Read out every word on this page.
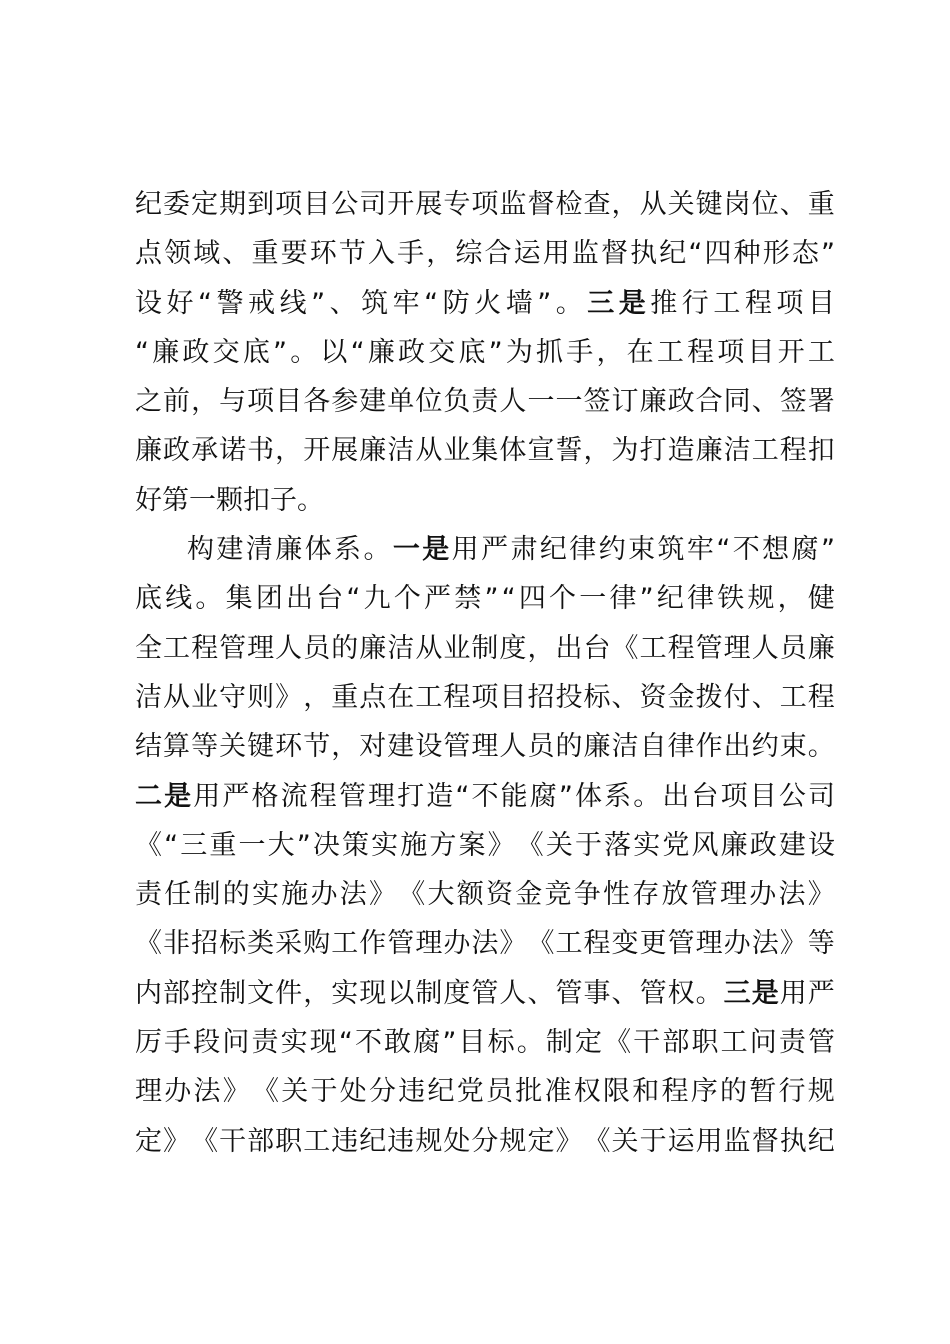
纪 委 定 期 到 项 目 公 司 开 展 专 项 监 督 检 查 ， 从 关 键 岗 位 、 重
点 领 域 、 重 要 环 节 入 手 ， 综 合 运 用 监 督 执 纪 “ 四 种 形 态 ”
设 好 “ 警 戒 线 ” 、 筑 牢 “ 防 火 墙 ” 。 三 是 推 行 工 程 项 目
“ 廉 政 交 底 ” 。 以 “ 廉 政 交 底 ” 为 抓 手 ， 在 工 程 项 目 开 工
之 前 ， 与 项 目 各 参 建 单 位 负 责 人 一 一 签 订 廉 政 合 同 、 签 署
廉 政 承 诺 书 ， 开 展 廉 洁 从 业 集 体 宣 誓 ， 为 打 造 廉 洁 工 程 扣
好第一颗扣子。
构 建 清 廉 体 系 。 一 是 用 严 肃 纪 律 约 束 筑 牢 “ 不 想 腐 ”
底 线 。 集 团 出 台 “ 九 个 严 禁 ” “ 四 个 一 律 ” 纪 律 铁 规 ， 健
全 工 程 管 理 人 员 的 廉 洁 从 业 制 度 ， 出 台 《 工 程 管 理 人 员 廉
洁 从 业 守 则 》 ， 重 点 在 工 程 项 目 招 投 标 、 资 金 拨 付 、 工 程
结 算 等 关 键 环 节 ， 对 建 设 管 理 人 员 的 廉 洁 自 律 作 出 约 束 。
二 是 用 严 格 流 程 管 理 打 造 “ 不 能 腐 ” 体 系 。 出 台 项 目 公 司
《 “ 三 重 一 大 ” 决 策 实 施 方 案 》 《 关 于 落 实 党 风 廉 政 建 设
责 任 制 的 实 施 办 法 》 《 大 额 资 金 竞 争 性 存 放 管 理 办 法 》
《 非 招 标 类 采 购 工 作 管 理 办 法 》 《 工 程 变 更 管 理 办 法 》 等
内 部 控 制 文 件 ， 实 现 以 制 度 管 人 、 管 事 、 管 权 。 三 是 用 严
厉 手 段 问 责 实 现 “ 不 敢 腐 ” 目 标 。 制 定 《 干 部 职 工 问 责 管
理 办 法 》 《 关 于 处 分 违 纪 党 员 批 准 权 限 和 程 序 的 暂 行 规
定 》 《 干 部 职 工 违 纪 违 规 处 分 规 定 》 《 关 于 运 用 监 督 执 纪
